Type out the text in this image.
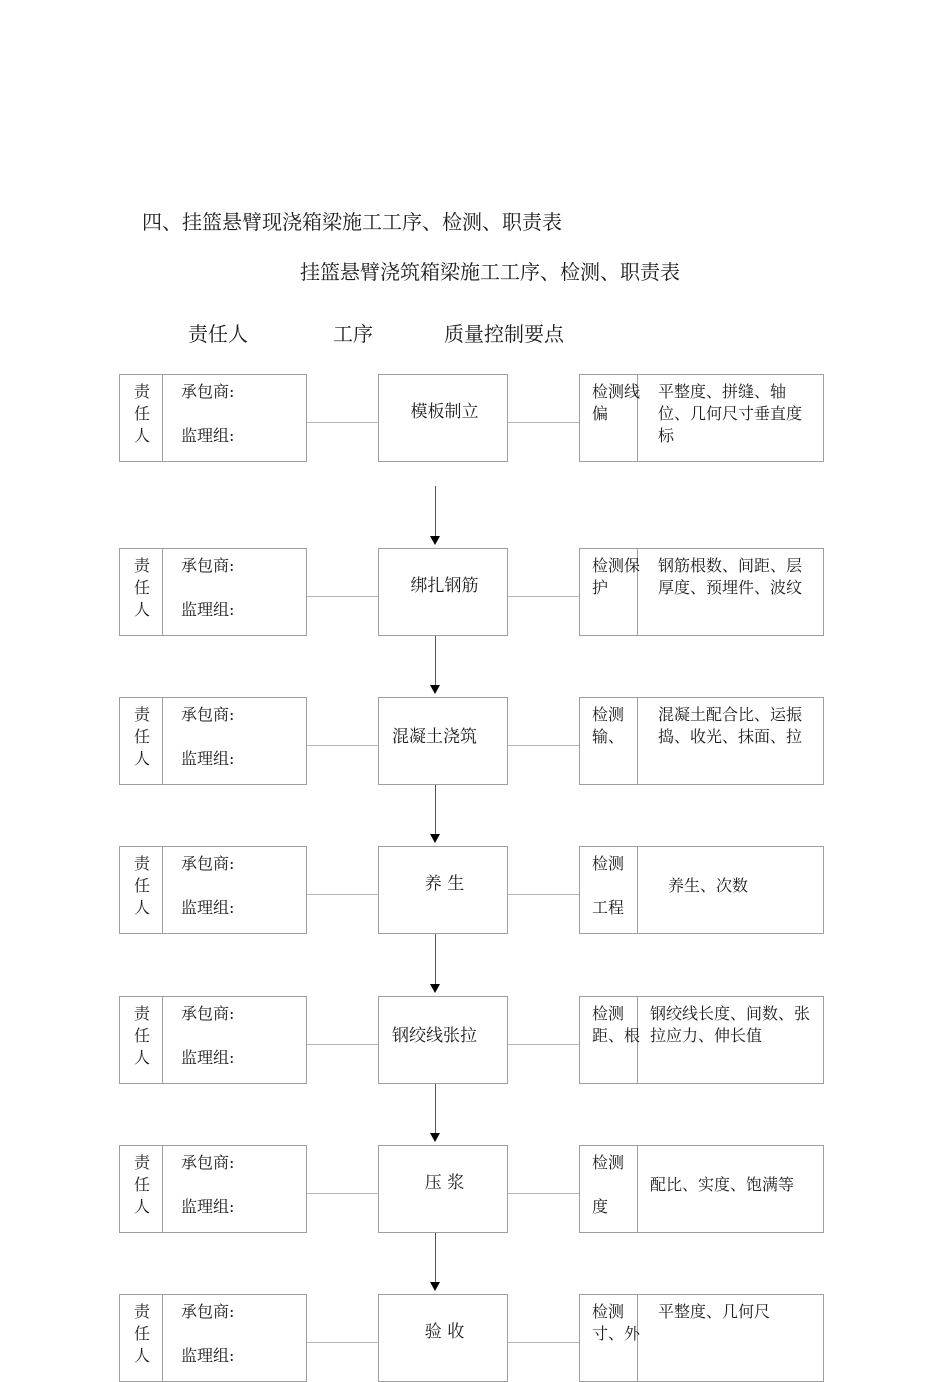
四、挂篮悬臂现浇箱梁施工工序、检测、职责表
挂篮悬臂浇筑箱梁施工工序、检测、职责表
责任人	工序	质量控制要点
责任人
承包商:
监理组:
模板制立
检测线偏
平整度、拼缝、轴位、几何尺寸垂直度标
责任人
承包商:
监理组:
绑扎钢筋
检测保护
钢筋根数、间距、层厚度、预埋件、波纹
责任人
承包商:
监理组:
混凝土浇筑
检测输、
混凝土配合比、运振捣、收光、抹面、拉
责任人
承包商:
监理组:
养 生
检测
工程
养生、次数
责任人
承包商:
监理组:
钢绞线张拉
检测距、根
钢绞线长度、间数、张拉应力、伸长值
责任人
承包商:
监理组:
压 浆
检测
度
配比、实度、饱满等
责任人
承包商:
监理组:
验 收
检测寸、外
平整度、几何尺
